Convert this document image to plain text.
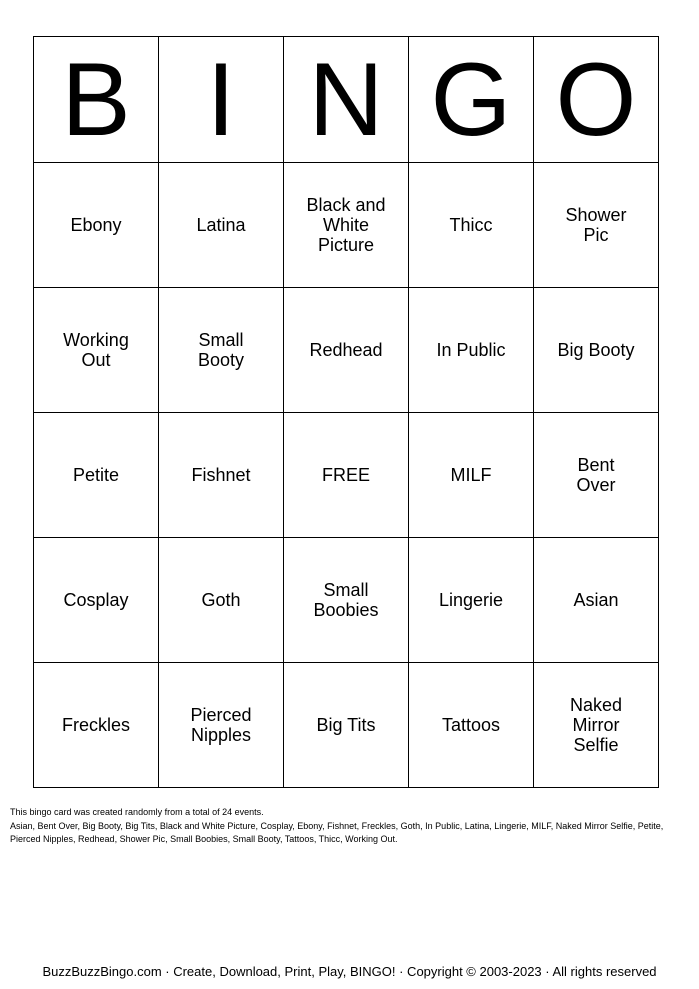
B	I	N	G	O
Ebony	Latina	Black and White Picture	Thicc	Shower Pic
Working Out	Small Booty	Redhead	In Public	Big Booty
Petite	Fishnet	FREE	MILF	Bent Over
Cosplay	Goth	Small Boobies	Lingerie	Asian
Freckles	Pierced Nipples	Big Tits	Tattoos	Naked Mirror Selfie
This bingo card was created randomly from a total of 24 events.
Asian, Bent Over, Big Booty, Big Tits, Black and White Picture, Cosplay, Ebony, Fishnet, Freckles, Goth, In Public, Latina, Lingerie, MILF, Naked Mirror Selfie, Petite, Pierced Nipples, Redhead, Shower Pic, Small Boobies, Small Booty, Tattoos, Thicc, Working Out.
BuzzBuzzBingo.com · Create, Download, Print, Play, BINGO! · Copyright © 2003-2023 · All rights reserved
